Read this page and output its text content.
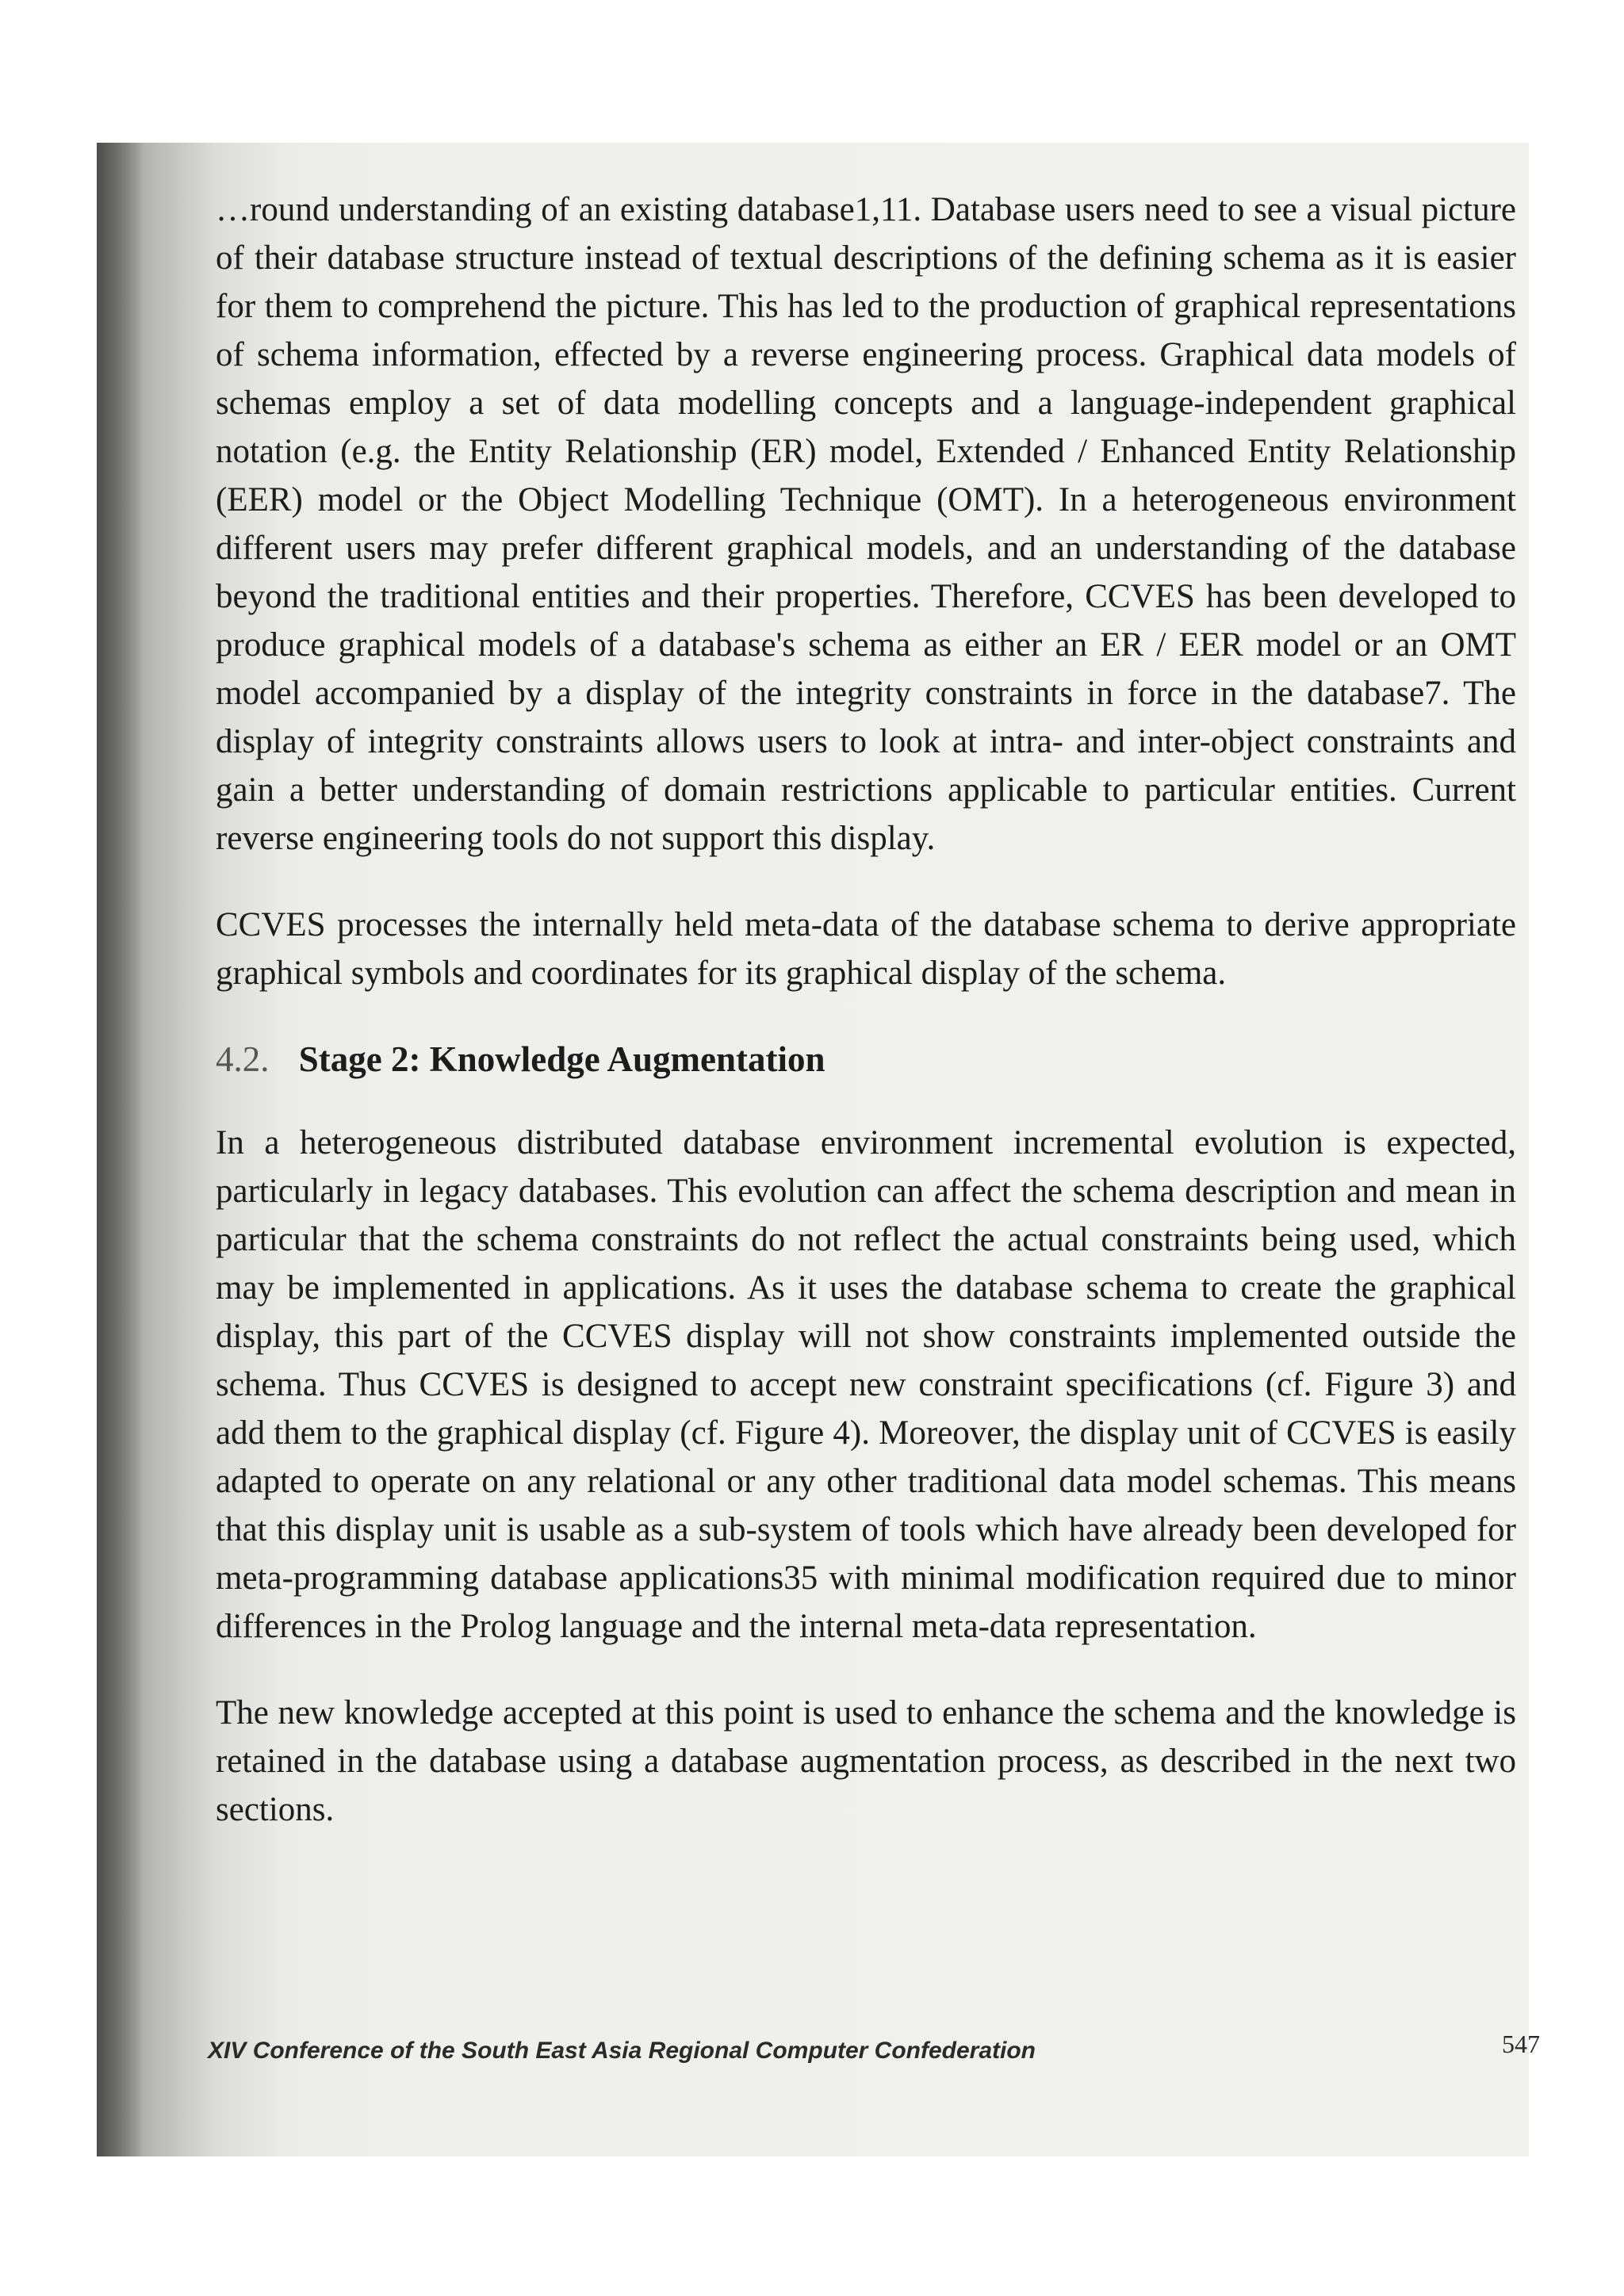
…round understanding of an existing database1,11. Database users need to see a visual picture of their database structure instead of textual descriptions of the defining schema as it is easier for them to comprehend the picture. This has led to the production of graphical representations of schema information, effected by a reverse engineering process. Graphical data models of schemas employ a set of data modelling concepts and a language-independent graphical notation (e.g. the Entity Relationship (ER) model, Extended / Enhanced Entity Relationship (EER) model or the Object Modelling Technique (OMT). In a heterogeneous environment different users may prefer different graphical models, and an understanding of the database beyond the traditional entities and their properties. Therefore, CCVES has been developed to produce graphical models of a database's schema as either an ER / EER model or an OMT model accompanied by a display of the integrity constraints in force in the database7. The display of integrity constraints allows users to look at intra- and inter-object constraints and gain a better understanding of domain restrictions applicable to particular entities. Current reverse engineering tools do not support this display.

CCVES processes the internally held meta-data of the database schema to derive appropriate graphical symbols and coordinates for its graphical display of the schema.

4.2. Stage 2: Knowledge Augmentation

In a heterogeneous distributed database environment incremental evolution is expected, particularly in legacy databases. This evolution can affect the schema description and mean in particular that the schema constraints do not reflect the actual constraints being used, which may be implemented in applications. As it uses the database schema to create the graphical display, this part of the CCVES display will not show constraints implemented outside the schema. Thus CCVES is designed to accept new constraint specifications (cf. Figure 3) and add them to the graphical display (cf. Figure 4). Moreover, the display unit of CCVES is easily adapted to operate on any relational or any other traditional data model schemas. This means that this display unit is usable as a sub-system of tools which have already been developed for meta-programming database applications35 with minimal modification required due to minor differences in the Prolog language and the internal meta-data representation.

The new knowledge accepted at this point is used to enhance the schema and the knowledge is retained in the database using a database augmentation process, as described in the next two sections.

XIV Conference of the South East Asia Regional Computer Confederation	547
